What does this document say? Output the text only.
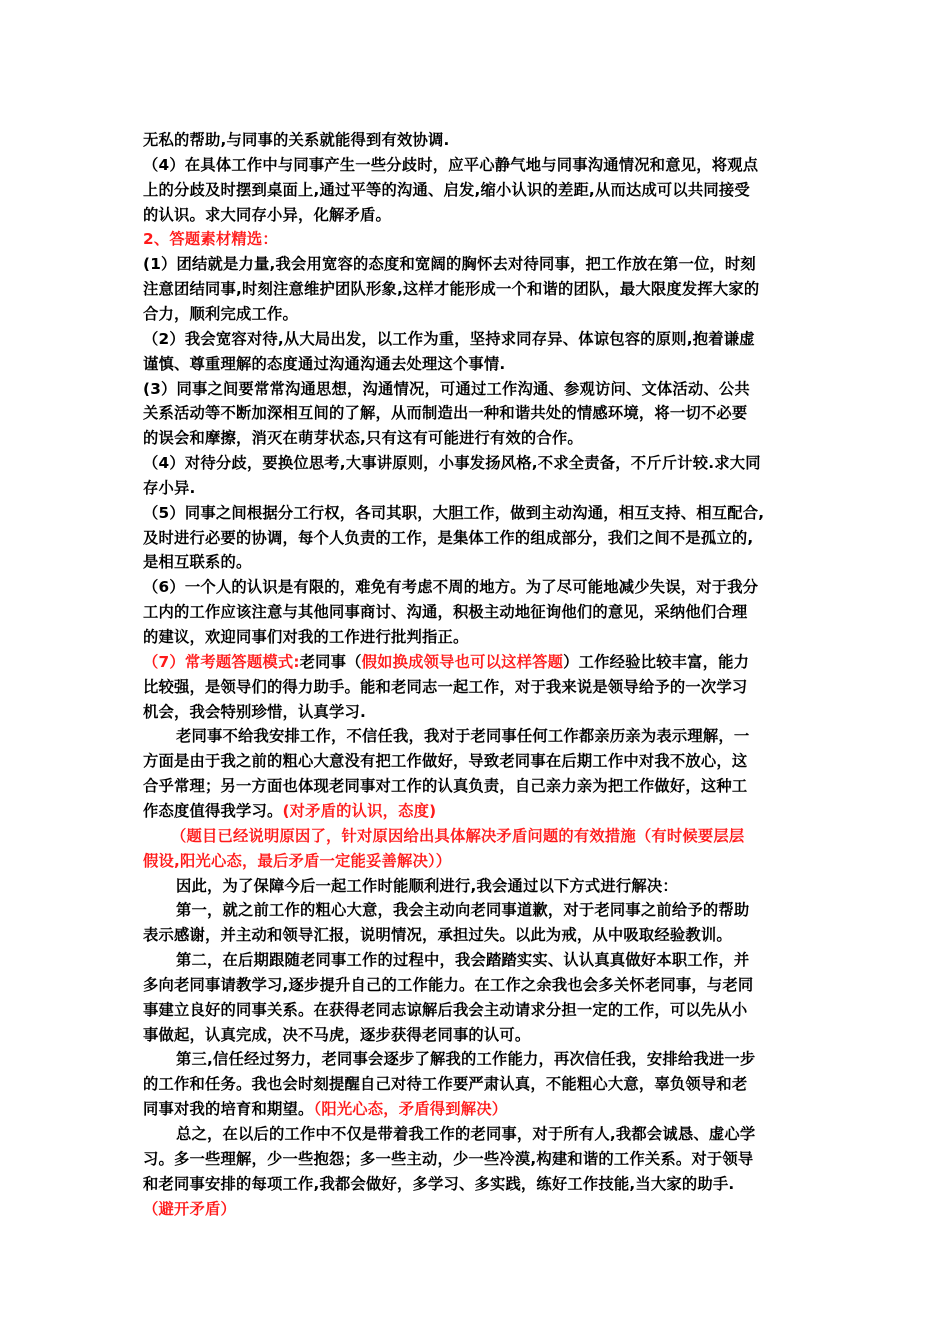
无私的帮助,与同事的关系就能得到有效协调.
（4）在具体工作中与同事产生一些分歧时，应平心静气地与同事沟通情况和意见，将观点
上的分歧及时摆到桌面上,通过平等的沟通、启发,缩小认识的差距,从而达成可以共同接受
的认识。求大同存小异，化解矛盾。
2、答题素材精选：
(1）团结就是力量,我会用宽容的态度和宽阔的胸怀去对待同事，把工作放在第一位，时刻
注意团结同事,时刻注意维护团队形象,这样才能形成一个和谐的团队，最大限度发挥大家的
合力，顺利完成工作。
（2）我会宽容对待,从大局出发，以工作为重，坚持求同存异、体谅包容的原则,抱着谦虚
谨慎、尊重理解的态度通过沟通沟通去处理这个事情.
(3）同事之间要常常沟通思想，沟通情况，可通过工作沟通、参观访问、文体活动、公共
关系活动等不断加深相互间的了解，从而制造出一种和谐共处的情感环境，将一切不必要
的误会和摩擦，消灭在萌芽状态,只有这有可能进行有效的合作。
（4）对待分歧，要换位思考,大事讲原则，小事发扬风格,不求全责备，不斤斤计较.求大同
存小异.
（5）同事之间根据分工行权，各司其职，大胆工作，做到主动沟通，相互支持、相互配合,
及时进行必要的协调，每个人负责的工作，是集体工作的组成部分，我们之间不是孤立的,
是相互联系的。
（6）一个人的认识是有限的，难免有考虑不周的地方。为了尽可能地减少失误，对于我分
工内的工作应该注意与其他同事商讨、沟通，积极主动地征询他们的意见，采纳他们合理
的建议，欢迎同事们对我的工作进行批判指正。
（7）常考题答题模式:老同事（假如换成领导也可以这样答题）工作经验比较丰富，能力
比较强，是领导们的得力助手。能和老同志一起工作，对于我来说是领导给予的一次学习
机会，我会特别珍惜，认真学习.
老同事不给我安排工作，不信任我，我对于老同事任何工作都亲历亲为表示理解，一
方面是由于我之前的粗心大意没有把工作做好，导致老同事在后期工作中对我不放心，这
合乎常理；另一方面也体现老同事对工作的认真负责，自己亲力亲为把工作做好，这种工
作态度值得我学习。(对矛盾的认识，态度)
（题目已经说明原因了，针对原因给出具体解决矛盾问题的有效措施（有时候要层层
假设,阳光心态，最后矛盾一定能妥善解决））
因此，为了保障今后一起工作时能顺利进行,我会通过以下方式进行解决：
第一，就之前工作的粗心大意，我会主动向老同事道歉，对于老同事之前给予的帮助
表示感谢，并主动和领导汇报，说明情况，承担过失。以此为戒，从中吸取经验教训。
第二，在后期跟随老同事工作的过程中，我会踏踏实实、认认真真做好本职工作，并
多向老同事请教学习,逐步提升自己的工作能力。在工作之余我也会多关怀老同事，与老同
事建立良好的同事关系。在获得老同志谅解后我会主动请求分担一定的工作，可以先从小
事做起，认真完成，决不马虎，逐步获得老同事的认可。
第三,信任经过努力，老同事会逐步了解我的工作能力，再次信任我，安排给我进一步
的工作和任务。我也会时刻提醒自己对待工作要严肃认真，不能粗心大意，辜负领导和老
同事对我的培育和期望。（阳光心态，矛盾得到解决）
总之，在以后的工作中不仅是带着我工作的老同事，对于所有人,我都会诚恳、虚心学
习。多一些理解，少一些抱怨；多一些主动，少一些冷漠,构建和谐的工作关系。对于领导
和老同事安排的每项工作,我都会做好，多学习、多实践，练好工作技能,当大家的助手.
（避开矛盾）
